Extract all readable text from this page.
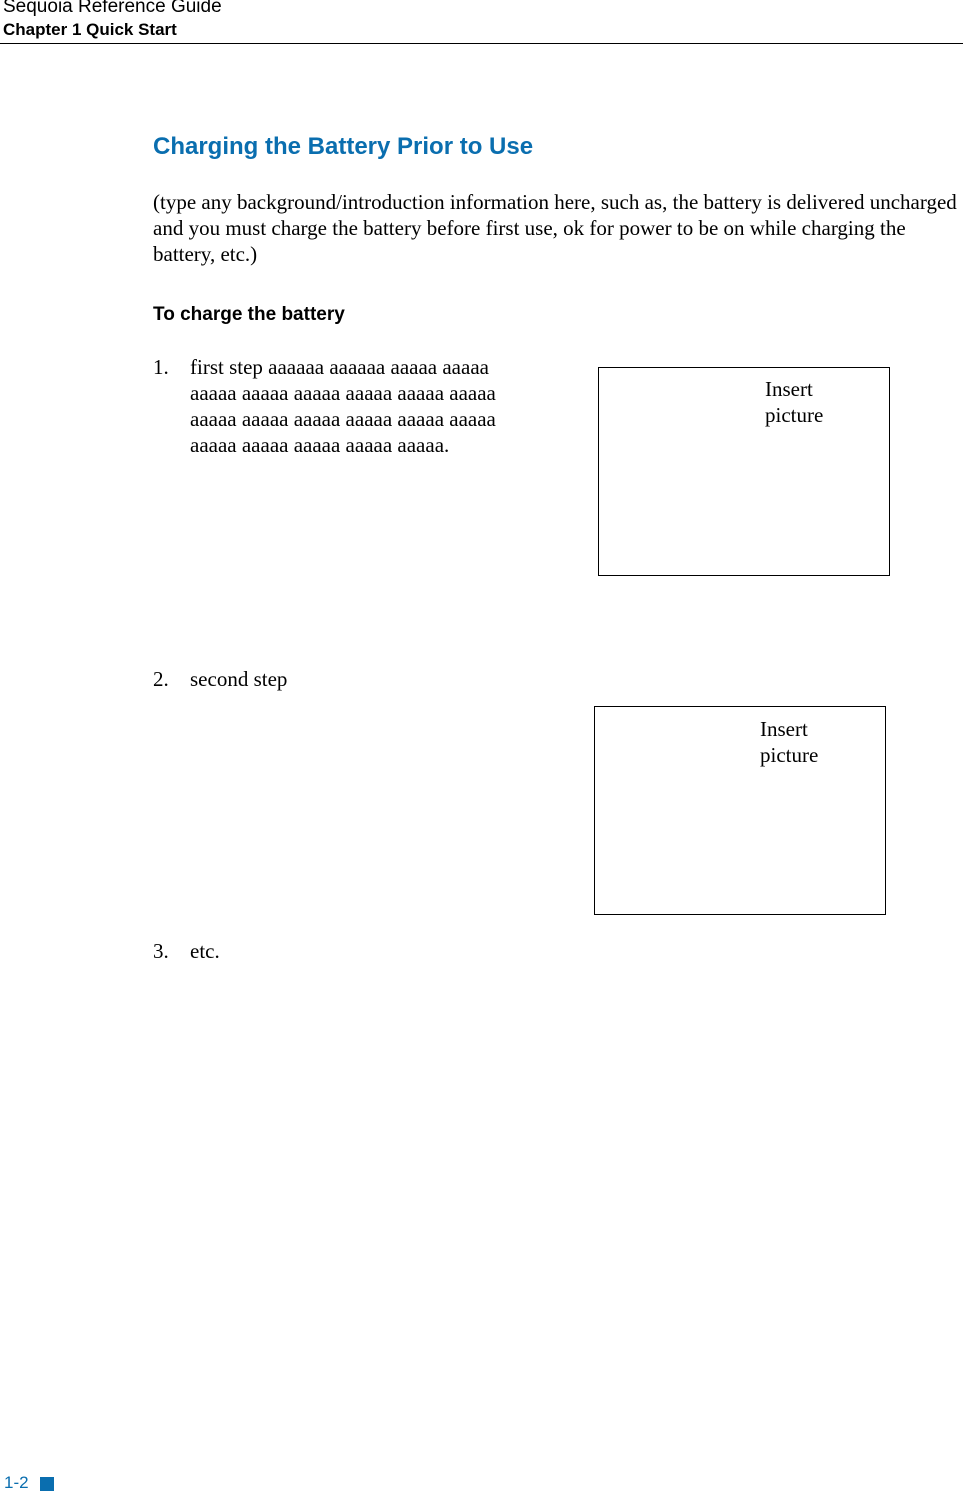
Sequoia Reference Guide
Chapter 1 Quick Start
Charging the Battery Prior to Use
(type any background/introduction information here, such as, the battery is delivered uncharged and you must charge the battery before first use, ok for power to be on while charging the battery, etc.)
To charge the battery
1. first step aaaaaa aaaaaa aaaaa aaaaa
aaaaa aaaaa aaaaa aaaaa aaaaa aaaaa
aaaaa aaaaa aaaaa aaaaa aaaaa aaaaa
aaaaa aaaaa aaaaa aaaaa aaaaa.
Insert picture
2. second step
Insert picture
3. etc.
1-2
